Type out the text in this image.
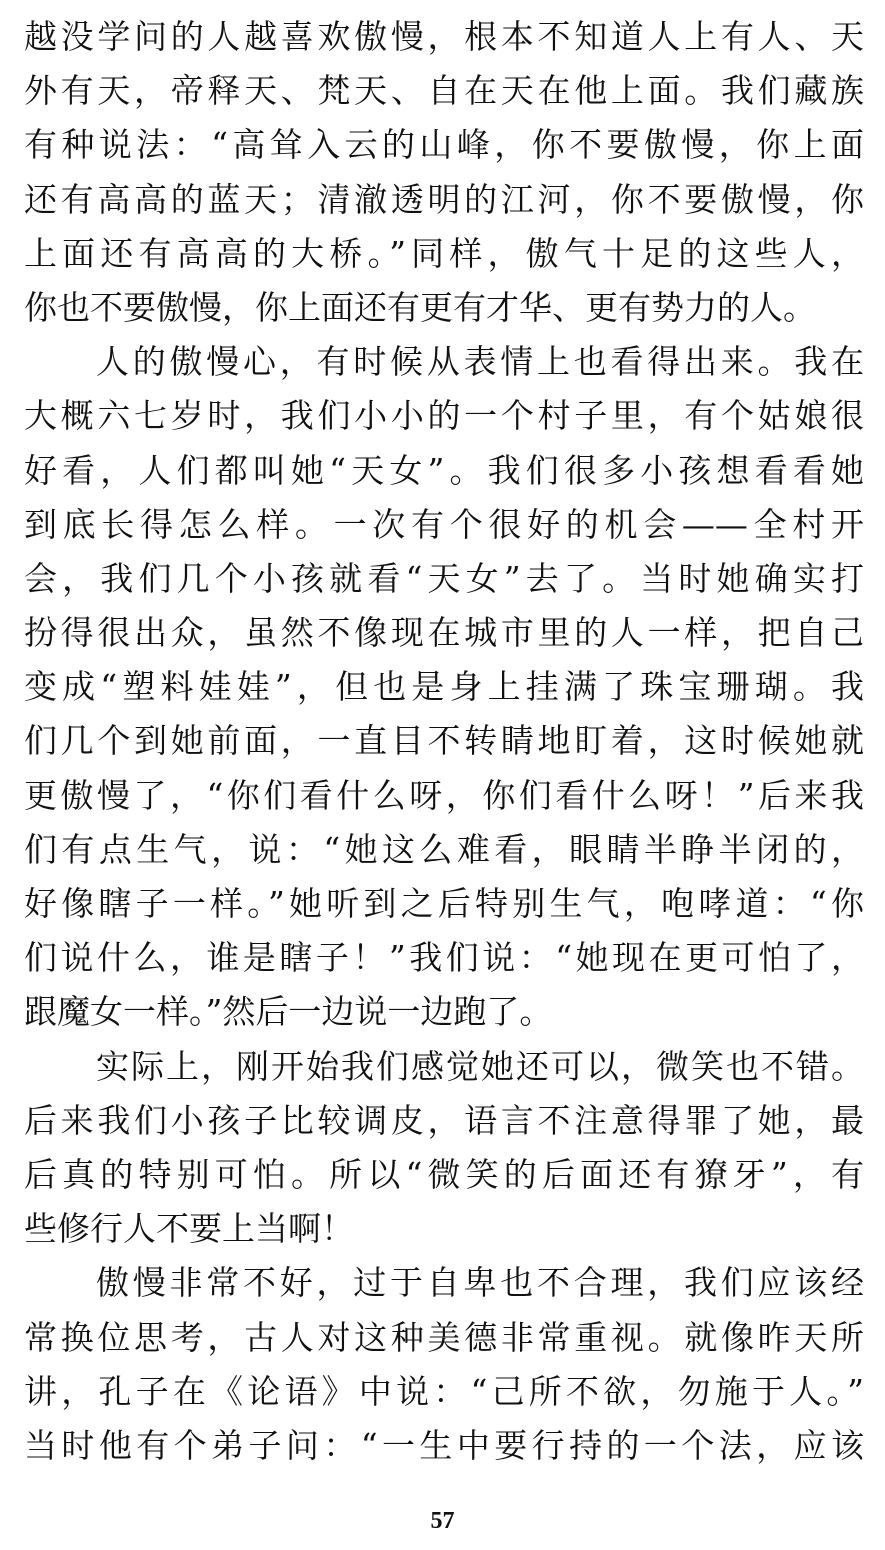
越没学问的人越喜欢傲慢，根本不知道人上有人、天
外有天，帝释天、梵天、自在天在他上面。我们藏族
有种说法：“高耸入云的山峰，你不要傲慢，你上面
还有高高的蓝天；清澈透明的江河，你不要傲慢，你
上面还有高高的大桥。”同样，傲气十足的这些人，
你也不要傲慢，你上面还有更有才华、更有势力的人。
人的傲慢心，有时候从表情上也看得出来。我在
大概六七岁时，我们小小的一个村子里，有个姑娘很
好看，人们都叫她“天女”。我们很多小孩想看看她
到底长得怎么样。一次有个很好的机会——全村开
会，我们几个小孩就看“天女”去了。当时她确实打
扮得很出众，虽然不像现在城市里的人一样，把自己
变成“塑料娃娃”，但也是身上挂满了珠宝珊瑚。我
们几个到她前面，一直目不转睛地盯着，这时候她就
更傲慢了，“你们看什么呀，你们看什么呀！”后来我
们有点生气，说：“她这么难看，眼睛半睁半闭的，
好像瞎子一样。”她听到之后特别生气，咆哮道：“你
们说什么，谁是瞎子！”我们说：“她现在更可怕了，
跟魔女一样。”然后一边说一边跑了。
实际上，刚开始我们感觉她还可以，微笑也不错。
后来我们小孩子比较调皮，语言不注意得罪了她，最
后真的特别可怕。所以“微笑的后面还有獠牙”，有
些修行人不要上当啊！
傲慢非常不好，过于自卑也不合理，我们应该经
常换位思考，古人对这种美德非常重视。就像昨天所
讲，孔子在《论语》中说：“己所不欲，勿施于人。”
当时他有个弟子问：“一生中要行持的一个法，应该
57
